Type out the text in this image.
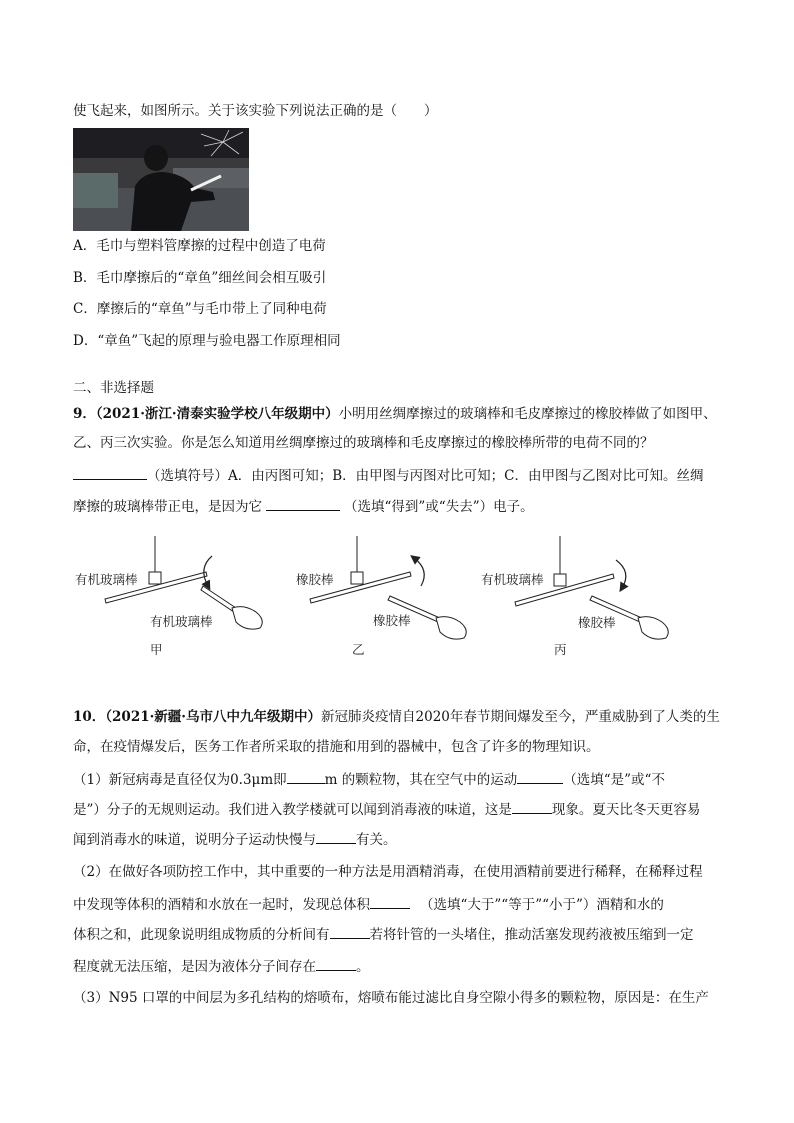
使飞起来，如图所示。关于该实验下列说法正确的是（　　）
A．毛巾与塑料管摩擦的过程中创造了电荷
B．毛巾摩擦后的“章鱼”细丝间会相互吸引
C．摩擦后的“章鱼”与毛巾带上了同种电荷
D．“章鱼”飞起的原理与验电器工作原理相同
二、非选择题
9．（2021·浙江·清泰实验学校八年级期中）小明用丝绸摩擦过的玻璃棒和毛皮摩擦过的橡胶棒做了如图甲、
乙、丙三次实验。你是怎么知道用丝绸摩擦过的玻璃棒和毛皮摩擦过的橡胶棒所带的电荷不同的？
（选填符号）A．由丙图可知；B．由甲图与丙图对比可知；C．由甲图与乙图对比可知。丝绸
摩擦的玻璃棒带正电，是因为它	（选填“得到”或“失去”）电子。
有机玻璃棒
有机玻璃棒
甲
橡胶棒
橡胶棒
乙
有机玻璃棒
橡胶棒
丙
10．（2021·新疆·乌市八中九年级期中）新冠肺炎疫情自2020年春节期间爆发至今，严重威胁到了人类的生
命，在疫情爆发后，医务工作者所采取的措施和用到的器械中，包含了许多的物理知识。
（1）新冠病毒是直径仅为0.3μm即	m 的颗粒物，其在空气中的运动	（选填“是”或“不
是”）分子的无规则运动。我们进入教学楼就可以闻到消毒液的味道，这是	现象。夏天比冬天更容易
闻到消毒水的味道，说明分子运动快慢与	有关。
（2）在做好各项防控工作中，其中重要的一种方法是用酒精消毒，在使用酒精前要进行稀释，在稀释过程
中发现等体积的酒精和水放在一起时，发现总体积	（选填“大于”“等于”“小于”）酒精和水的
体积之和，此现象说明组成物质的分析间有	若将针管的一头堵住，推动活塞发现药液被压缩到一定
程度就无法压缩，是因为液体分子间存在	。
（3）N95 口罩的中间层为多孔结构的熔喷布，熔喷布能过滤比自身空隙小得多的颗粒物，原因是：在生产
